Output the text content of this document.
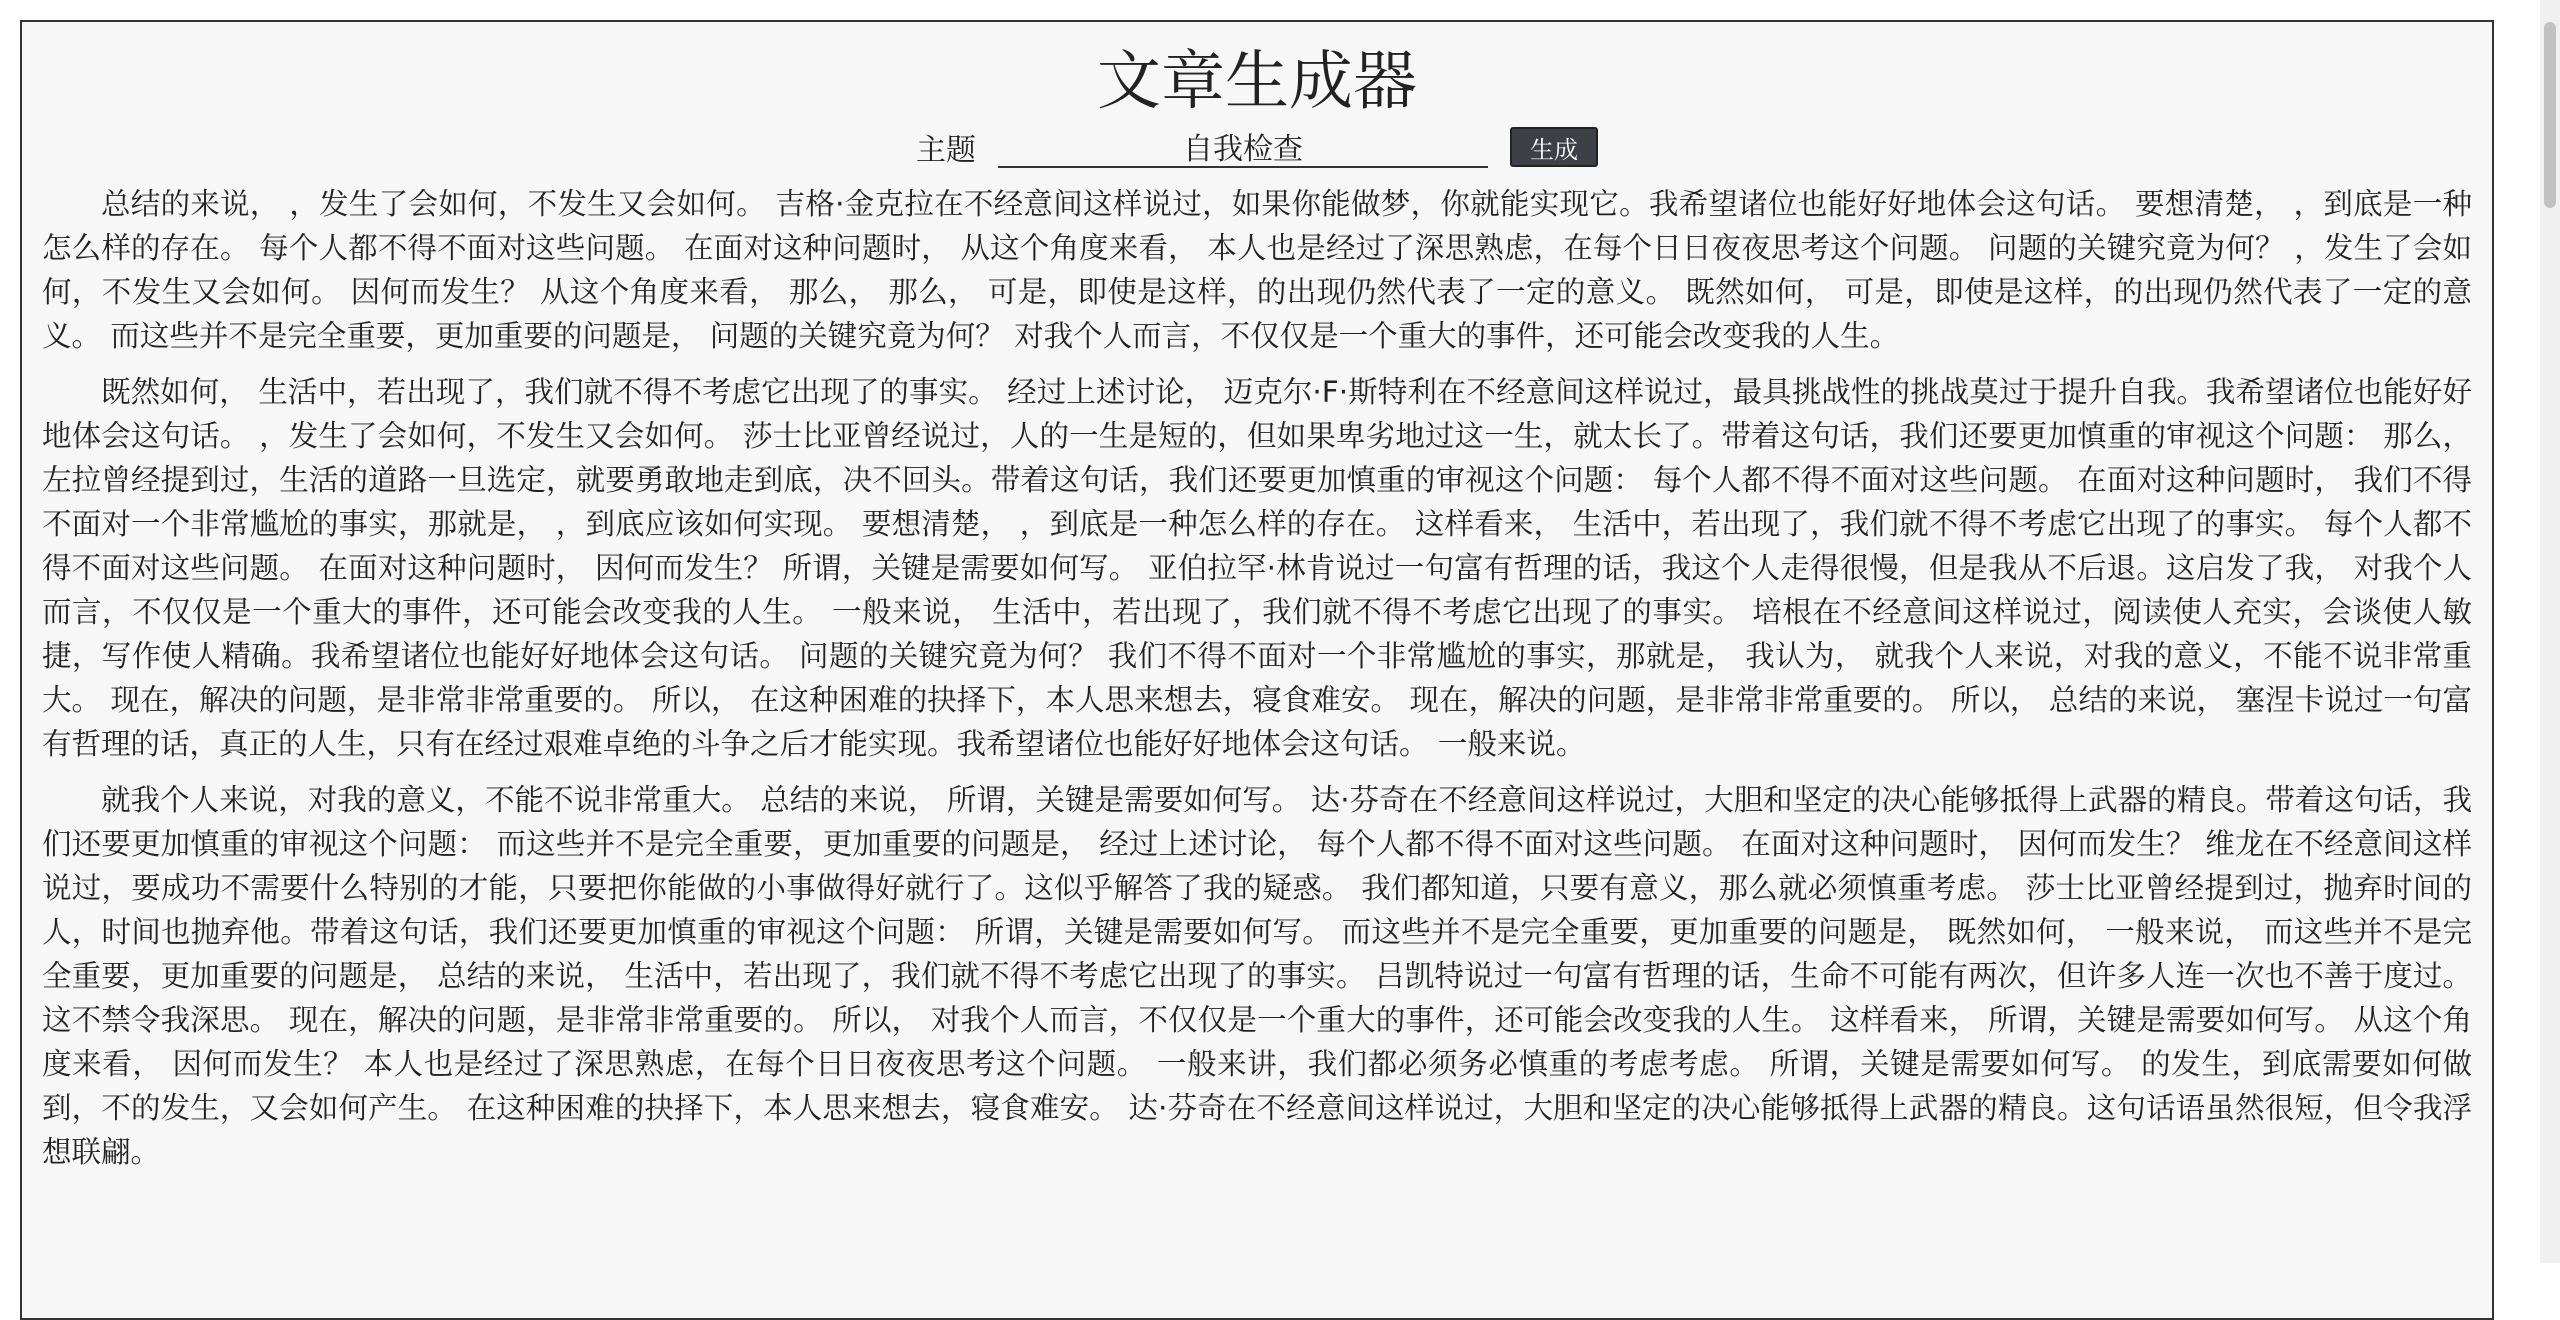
文章生成器
主题
自我检查	生成

总结的来说， ，发生了会如何，不发生又会如何。 吉格·金克拉在不经意间这样说过，如果你能做梦，你就能实现它。我希望诸位也能好好地体会这句话。 要想清楚， ，到底是一种怎么样的存在。 每个人都不得不面对这些问题。 在面对这种问题时， 从这个角度来看， 本人也是经过了深思熟虑，在每个日日夜夜思考这个问题。 问题的关键究竟为何？ ，发生了会如何，不发生又会如何。 因何而发生？ 从这个角度来看， 那么， 那么， 可是，即使是这样，的出现仍然代表了一定的意义。 既然如何， 可是，即使是这样，的出现仍然代表了一定的意义。 而这些并不是完全重要，更加重要的问题是， 问题的关键究竟为何？ 对我个人而言，不仅仅是一个重大的事件，还可能会改变我的人生。

既然如何， 生活中，若出现了，我们就不得不考虑它出现了的事实。 经过上述讨论， 迈克尔·F·斯特利在不经意间这样说过，最具挑战性的挑战莫过于提升自我。我希望诸位也能好好地体会这句话。 ，发生了会如何，不发生又会如何。 莎士比亚曾经说过，人的一生是短的，但如果卑劣地过这一生，就太长了。带着这句话，我们还要更加慎重的审视这个问题： 那么， 左拉曾经提到过，生活的道路一旦选定，就要勇敢地走到底，决不回头。带着这句话，我们还要更加慎重的审视这个问题： 每个人都不得不面对这些问题。 在面对这种问题时， 我们不得不面对一个非常尴尬的事实，那就是， ，到底应该如何实现。 要想清楚， ，到底是一种怎么样的存在。 这样看来， 生活中，若出现了，我们就不得不考虑它出现了的事实。 每个人都不得不面对这些问题。 在面对这种问题时， 因何而发生？ 所谓，关键是需要如何写。 亚伯拉罕·林肯说过一句富有哲理的话，我这个人走得很慢，但是我从不后退。这启发了我， 对我个人而言，不仅仅是一个重大的事件，还可能会改变我的人生。 一般来说， 生活中，若出现了，我们就不得不考虑它出现了的事实。 培根在不经意间这样说过，阅读使人充实，会谈使人敏捷，写作使人精确。我希望诸位也能好好地体会这句话。 问题的关键究竟为何？ 我们不得不面对一个非常尴尬的事实，那就是， 我认为， 就我个人来说，对我的意义，不能不说非常重大。 现在，解决的问题，是非常非常重要的。 所以， 在这种困难的抉择下，本人思来想去，寝食难安。 现在，解决的问题，是非常非常重要的。 所以， 总结的来说， 塞涅卡说过一句富有哲理的话，真正的人生，只有在经过艰难卓绝的斗争之后才能实现。我希望诸位也能好好地体会这句话。 一般来说。

就我个人来说，对我的意义，不能不说非常重大。 总结的来说， 所谓，关键是需要如何写。 达·芬奇在不经意间这样说过，大胆和坚定的决心能够抵得上武器的精良。带着这句话，我们还要更加慎重的审视这个问题： 而这些并不是完全重要，更加重要的问题是， 经过上述讨论， 每个人都不得不面对这些问题。 在面对这种问题时， 因何而发生？ 维龙在不经意间这样说过，要成功不需要什么特别的才能，只要把你能做的小事做得好就行了。这似乎解答了我的疑惑。 我们都知道，只要有意义，那么就必须慎重考虑。 莎士比亚曾经提到过，抛弃时间的人，时间也抛弃他。带着这句话，我们还要更加慎重的审视这个问题： 所谓，关键是需要如何写。 而这些并不是完全重要，更加重要的问题是， 既然如何， 一般来说， 而这些并不是完全重要，更加重要的问题是， 总结的来说， 生活中，若出现了，我们就不得不考虑它出现了的事实。 吕凯特说过一句富有哲理的话，生命不可能有两次，但许多人连一次也不善于度过。这不禁令我深思。 现在，解决的问题，是非常非常重要的。 所以， 对我个人而言，不仅仅是一个重大的事件，还可能会改变我的人生。 这样看来， 所谓，关键是需要如何写。 从这个角度来看， 因何而发生？ 本人也是经过了深思熟虑，在每个日日夜夜思考这个问题。 一般来讲，我们都必须务必慎重的考虑考虑。 所谓，关键是需要如何写。 的发生，到底需要如何做到，不的发生，又会如何产生。 在这种困难的抉择下，本人思来想去，寝食难安。 达·芬奇在不经意间这样说过，大胆和坚定的决心能够抵得上武器的精良。这句话语虽然很短，但令我浮想联翩。
